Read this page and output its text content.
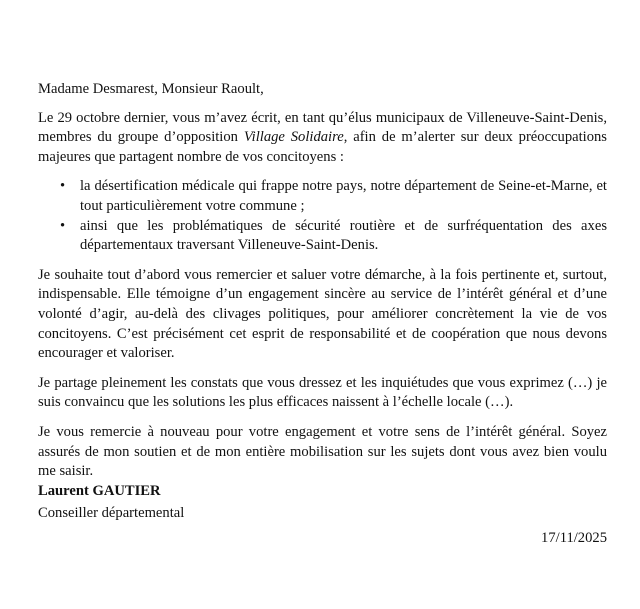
Madame Desmarest, Monsieur Raoult,

Le 29 octobre dernier, vous m’avez écrit, en tant qu’élus municipaux de Villeneuve-Saint-Denis, membres du groupe d’opposition Village Solidaire, afin de m’alerter sur deux préoccupations majeures que partagent nombre de vos concitoyens :

• la désertification médicale qui frappe notre pays, notre département de Seine-et-Marne, et tout particulièrement votre commune ;
• ainsi que les problématiques de sécurité routière et de surfréquentation des axes départementaux traversant Villeneuve-Saint-Denis.

Je souhaite tout d’abord vous remercier et saluer votre démarche, à la fois pertinente et, surtout, indispensable. Elle témoigne d’un engagement sincère au service de l’intérêt général et d’une volonté d’agir, au-delà des clivages politiques, pour améliorer concrètement la vie de vos concitoyens. C’est précisément cet esprit de responsabilité et de coopération que nous devons encourager et valoriser.

Je partage pleinement les constats que vous dressez et les inquiétudes que vous exprimez (…) je suis convaincu que les solutions les plus efficaces naissent à l’échelle locale (…).

Je vous remercie à nouveau pour votre engagement et votre sens de l’intérêt général. Soyez assurés de mon soutien et de mon entière mobilisation sur les sujets dont vous avez bien voulu me saisir.

Laurent GAUTIER
Conseiller départemental
17/11/2025
